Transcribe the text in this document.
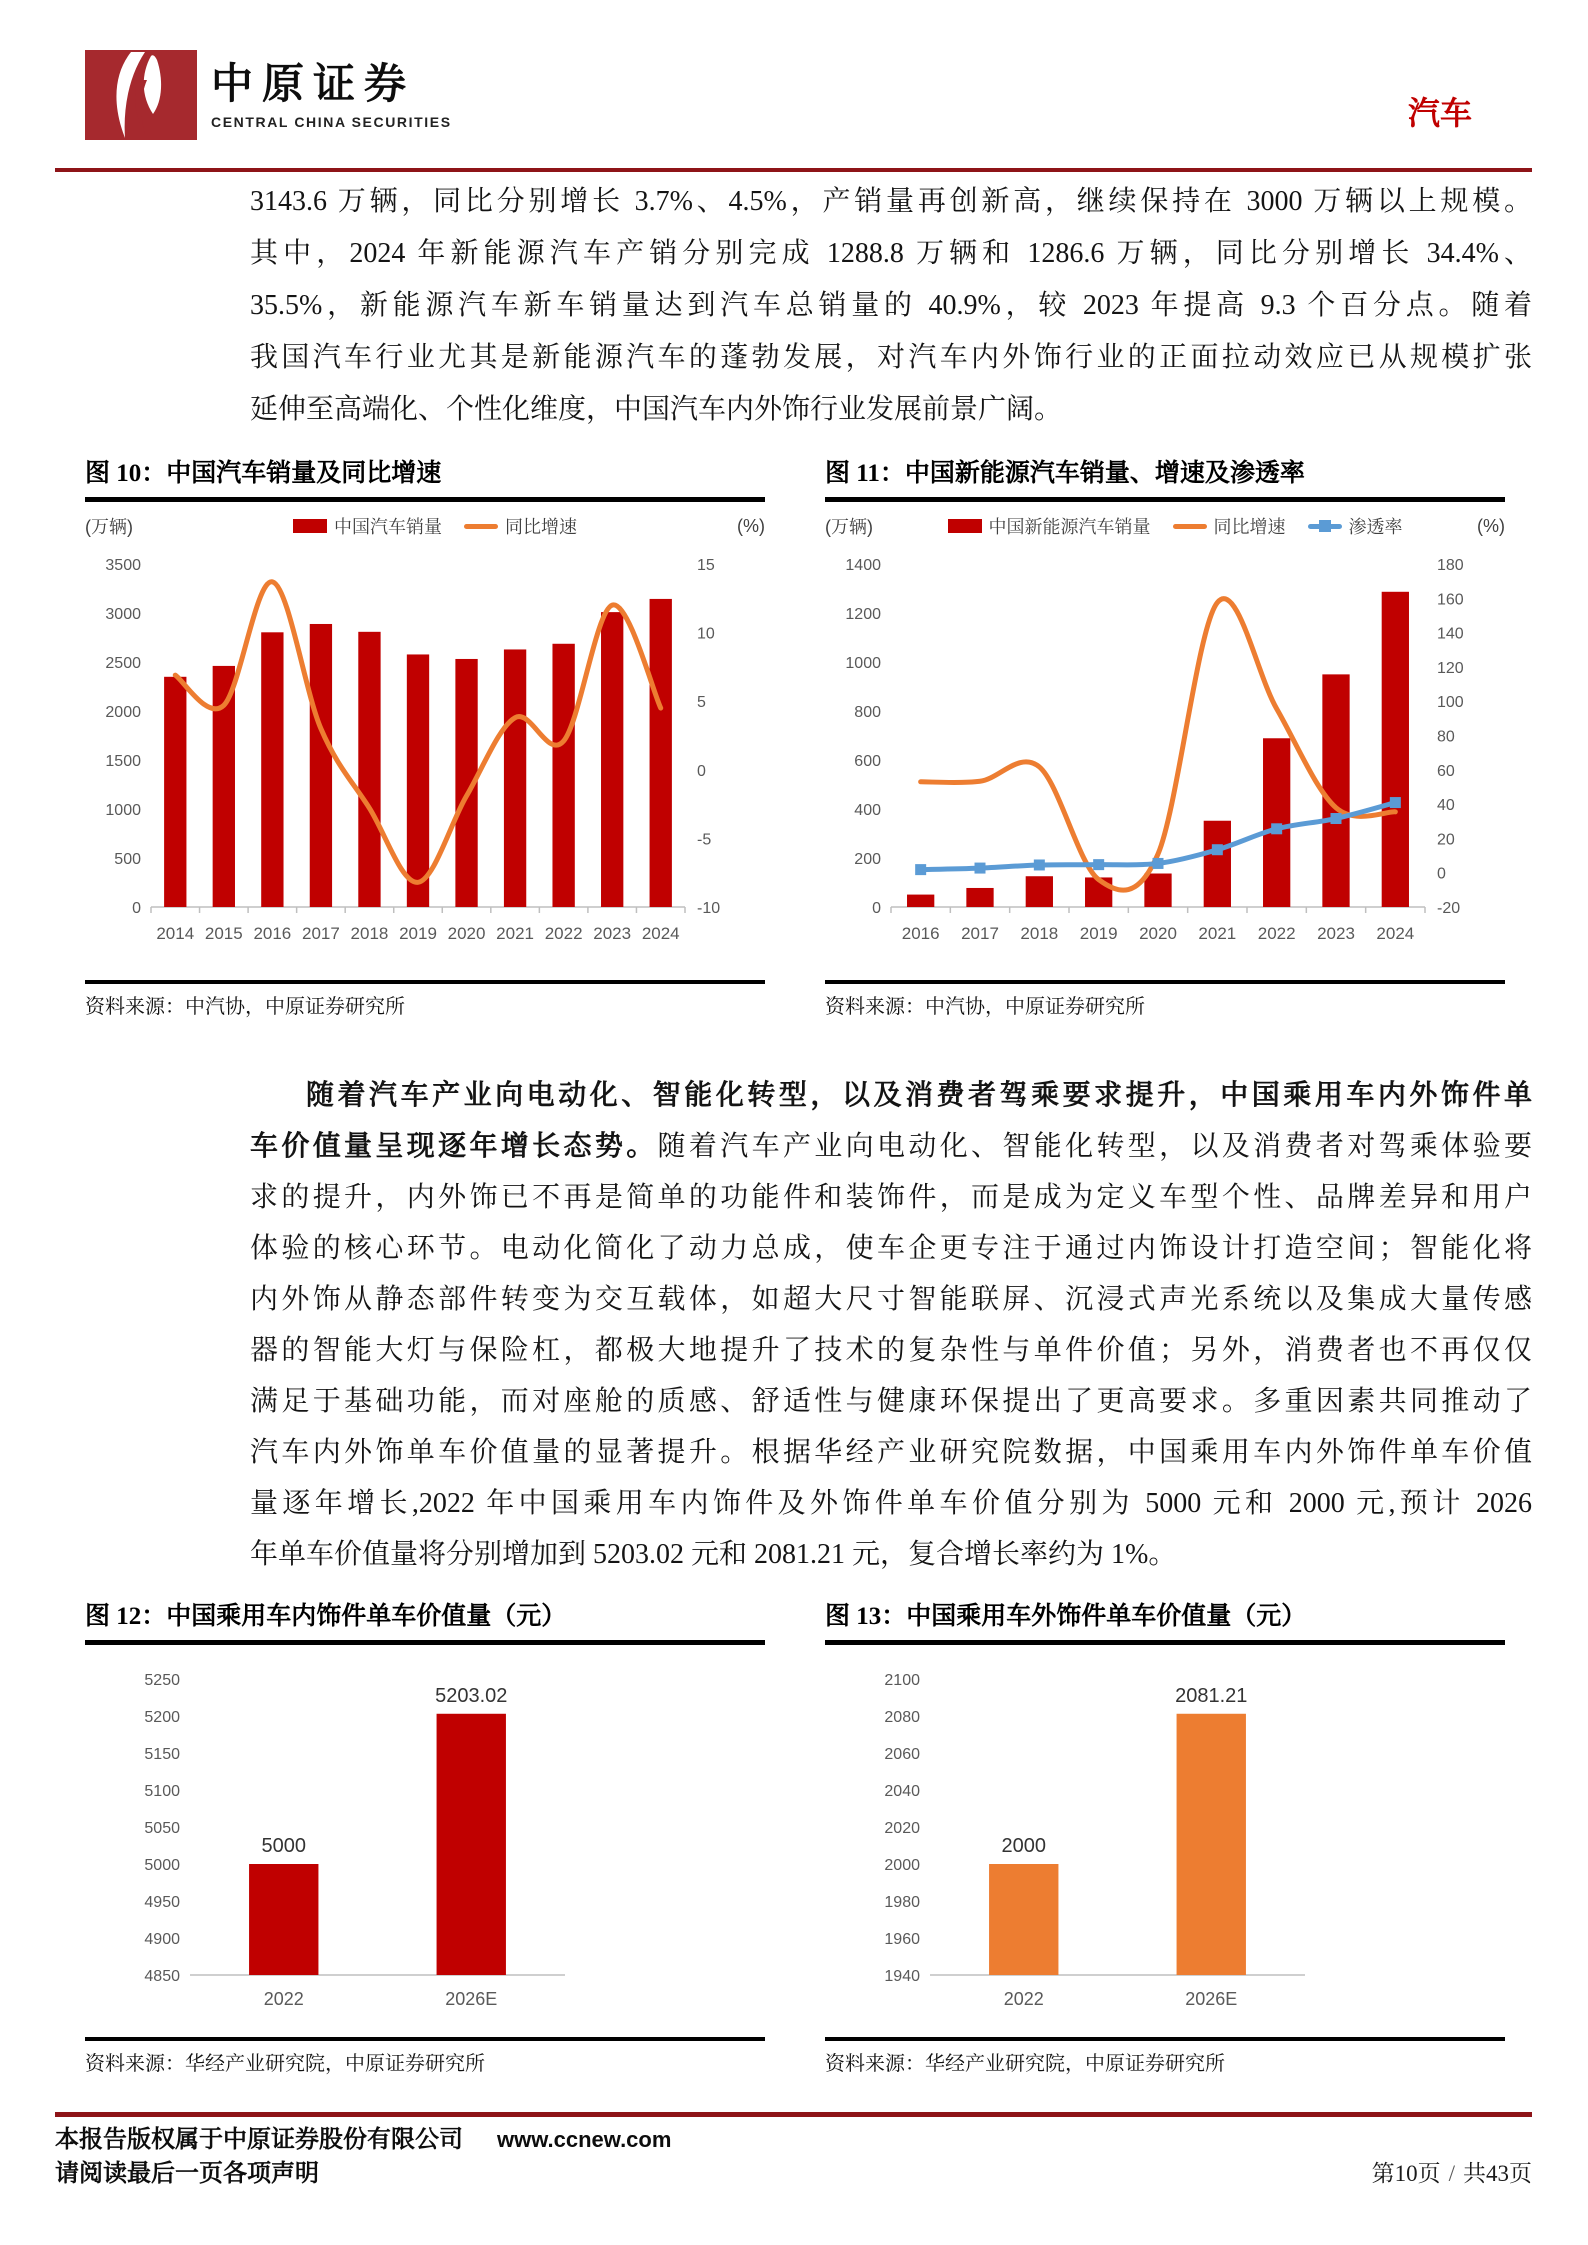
中原证券
CENTRAL CHINA SECURITIES	汽车
3143.6 万辆，同比分别增长 3.7%、4.5%，产销量再创新高，继续保持在 3000 万辆以上规模。
其中，2024 年新能源汽车产销分别完成 1288.8 万辆和 1286.6 万辆，同比分别增长 34.4%、
35.5%，新能源汽车新车销量达到汽车总销量的 40.9%，较 2023 年提高 9.3 个百分点。随着
我国汽车行业尤其是新能源汽车的蓬勃发展，对汽车内外饰行业的正面拉动效应已从规模扩张
延伸至高端化、个性化维度，中国汽车内外饰行业发展前景广阔。
图 10：中国汽车销量及同比增速
(万辆)	中国汽车销量	同比增速	(%)
0
500
1000
1500
2000
2500
3000
3500
-10
-5
0
5
10
15
2014 2015 2016 2017 2018 2019 2020 2021 2022 2023 2024
资料来源：中汽协，中原证券研究所
图 11：中国新能源汽车销量、增速及渗透率
(万辆)	中国新能源汽车销量	同比增速	渗透率	(%)
0
200
400
600
800
1000
1200
1400
-20
0
20
40
60
80
100
120
140
160
180
2016 2017 2018 2019 2020 2021 2022 2023 2024
资料来源：中汽协，中原证券研究所
随着汽车产业向电动化、智能化转型，以及消费者驾乘要求提升，中国乘用车内外饰件单
车价值量呈现逐年增长态势。随着汽车产业向电动化、智能化转型，以及消费者对驾乘体验要
求的提升，内外饰已不再是简单的功能件和装饰件，而是成为定义车型个性、品牌差异和用户
体验的核心环节。电动化简化了动力总成，使车企更专注于通过内饰设计打造空间；智能化将
内外饰从静态部件转变为交互载体，如超大尺寸智能联屏、沉浸式声光系统以及集成大量传感
器的智能大灯与保险杠，都极大地提升了技术的复杂性与单件价值；另外，消费者也不再仅仅
满足于基础功能，而对座舱的质感、舒适性与健康环保提出了更高要求。多重因素共同推动了
汽车内外饰单车价值量的显著提升。根据华经产业研究院数据，中国乘用车内外饰件单车价值
量逐年增长,2022 年中国乘用车内饰件及外饰件单车价值分别为 5000 元和 2000 元,预计 2026
年单车价值量将分别增加到 5203.02 元和 2081.21 元，复合增长率约为 1%。
图 12：中国乘用车内饰件单车价值量（元）
4850
4900
4950
5000
5050
5100
5150
5200
5250
2022	2026E
5000
5203.02
资料来源：华经产业研究院，中原证券研究所
图 13：中国乘用车外饰件单车价值量（元）
1940
1960
1980
2000
2020
2040
2060
2080
2100
2022	2026E
2000
2081.21
资料来源：华经产业研究院，中原证券研究所
本报告版权属于中原证券股份有限公司 www.ccnew.com
请阅读最后一页各项声明	第10页 / 共43页
